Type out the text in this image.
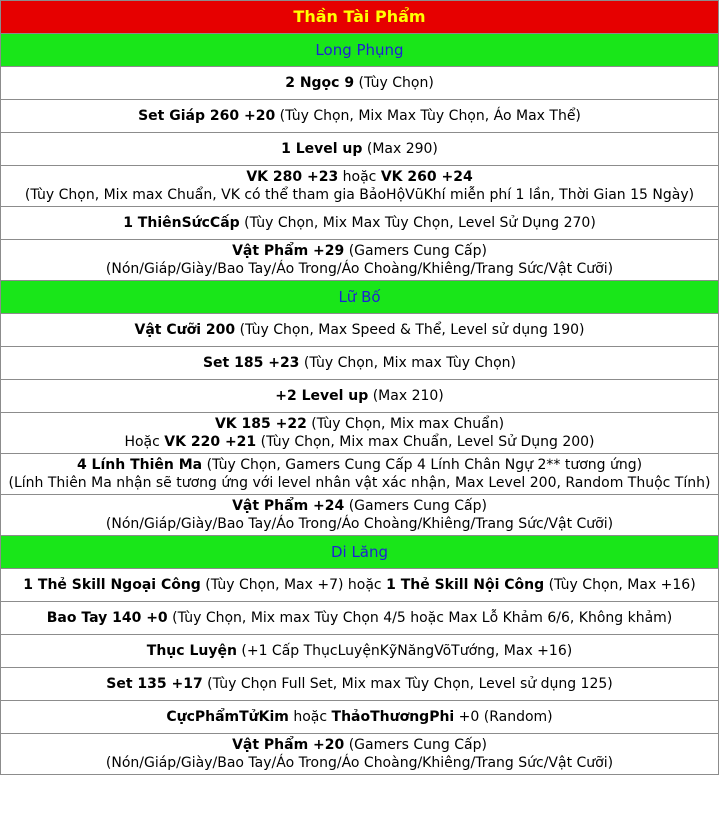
Thần Tài Phẩm
Long Phụng

2 Ngọc 9 (Tùy Chọn)

Set Giáp 260 +20 (Tùy Chọn, Mix Max Tùy Chọn, Áo Max Thể)

1 Level up (Max 290)

VK 280 +23 hoặc VK 260 +24
(Tùy Chọn, Mix max Chuẩn, VK có thể tham gia BảoHộVũKhí miễn phí 1 lần, Thời Gian 15 Ngày)

1 ThiênSứcCấp (Tùy Chọn, Mix Max Tùy Chọn, Level Sử Dụng 270)

Vật Phẩm +29 (Gamers Cung Cấp)
(Nón/Giáp/Giày/Bao Tay/Áo Trong/Áo Choàng/Khiêng/Trang Sức/Vật Cưỡi)

Lữ Bố

Vật Cưỡi 200 (Tùy Chọn, Max Speed & Thể, Level sử dụng 190)

Set 185 +23 (Tùy Chọn, Mix max Tùy Chọn)

+2 Level up (Max 210)

VK 185 +22 (Tùy Chọn, Mix max Chuẩn)
Hoặc VK 220 +21 (Tùy Chọn, Mix max Chuẩn, Level Sử Dụng 200)

4 Lính Thiên Ma (Tùy Chọn, Gamers Cung Cấp 4 Lính Chân Ngự 2** tương ứng)
(Lính Thiên Ma nhận sẽ tương ứng với level nhân vật xác nhận, Max Level 200, Random Thuộc Tính)

Vật Phẩm +24 (Gamers Cung Cấp)
(Nón/Giáp/Giày/Bao Tay/Áo Trong/Áo Choàng/Khiêng/Trang Sức/Vật Cưỡi)

Di Lăng

1 Thẻ Skill Ngoại Công (Tùy Chọn, Max +7) hoặc 1 Thẻ Skill Nội Công (Tùy Chọn, Max +16)

Bao Tay 140 +0 (Tùy Chọn, Mix max Tùy Chọn 4/5 hoặc Max Lỗ Khảm 6/6, Không khảm)

Thục Luyện (+1 Cấp ThụcLuyệnKỹNăngVõTướng, Max +16)

Set 135 +17 (Tùy Chọn Full Set, Mix max Tùy Chọn, Level sử dụng 125)

CựcPhẩmTửKim hoặc ThảoThươngPhi +0 (Random)

Vật Phẩm +20 (Gamers Cung Cấp)
(Nón/Giáp/Giày/Bao Tay/Áo Trong/Áo Choàng/Khiêng/Trang Sức/Vật Cưỡi)
